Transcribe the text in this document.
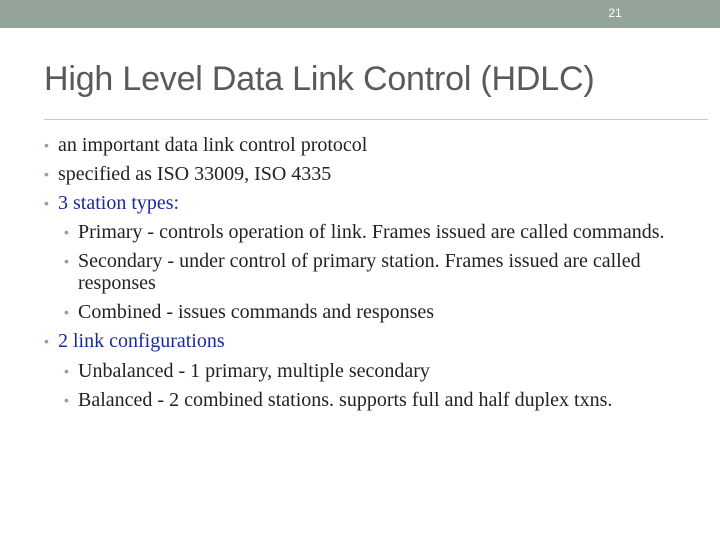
21
High Level Data Link Control (HDLC)
• an important data link control protocol
• specified as ISO 33009, ISO 4335
• 3 station types:
• Primary - controls operation of link. Frames issued are called commands.
• Secondary - under control of primary station. Frames issued are called responses
• Combined - issues commands and responses
• 2 link configurations
• Unbalanced - 1 primary, multiple secondary
• Balanced - 2 combined stations. supports full and half duplex txns.
